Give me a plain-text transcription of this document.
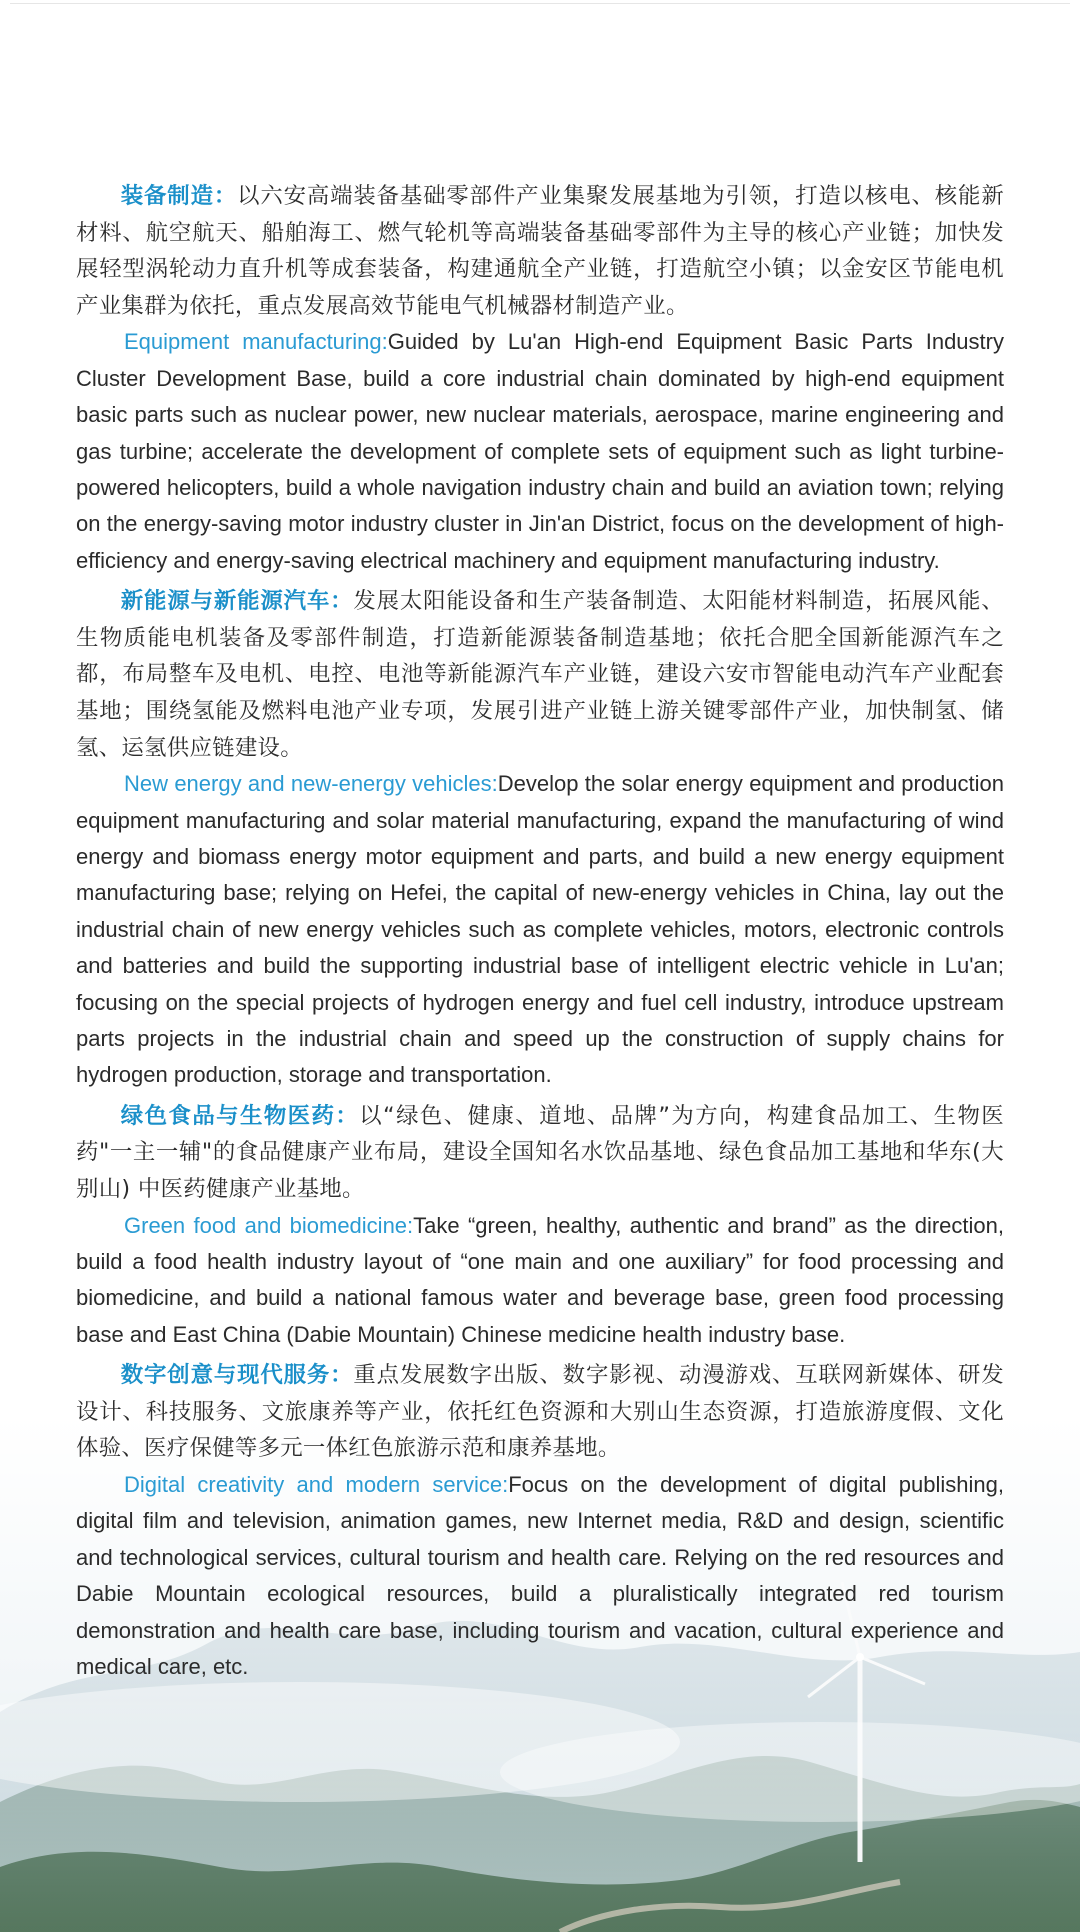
装备制造：以六安高端装备基础零部件产业集聚发展基地为引领，打造以核电、核能新材料、航空航天、船舶海工、燃气轮机等高端装备基础零部件为主导的核心产业链；加快发展轻型涡轮动力直升机等成套装备，构建通航全产业链，打造航空小镇；以金安区节能电机产业集群为依托，重点发展高效节能电气机械器材制造产业。

Equipment manufacturing:Guided by Lu'an High-end Equipment Basic Parts Industry Cluster Development Base, build a core industrial chain dominated by high-end equipment basic parts such as nuclear power, new nuclear materials, aerospace, marine engineering and gas turbine; accelerate the development of complete sets of equipment such as light turbine-powered helicopters, build a whole navigation industry chain and build an aviation town; relying on the energy-saving motor industry cluster in Jin'an District, focus on the development of high-efficiency and energy-saving electrical machinery and equipment manufacturing industry.

新能源与新能源汽车：发展太阳能设备和生产装备制造、太阳能材料制造，拓展风能、生物质能电机装备及零部件制造，打造新能源装备制造基地；依托合肥全国新能源汽车之都，布局整车及电机、电控、电池等新能源汽车产业链，建设六安市智能电动汽车产业配套基地；围绕氢能及燃料电池产业专项，发展引进产业链上游关键零部件产业，加快制氢、储氢、运氢供应链建设。

New energy and new-energy vehicles:Develop the solar energy equipment and production equipment manufacturing and solar material manufacturing, expand the manufacturing of wind energy and biomass energy motor equipment and parts, and build a new energy equipment manufacturing base; relying on Hefei, the capital of new-energy vehicles in China, lay out the industrial chain of new energy vehicles such as complete vehicles, motors, electronic controls and batteries and build the supporting industrial base of intelligent electric vehicle in Lu'an; focusing on the special projects of hydrogen energy and fuel cell industry, introduce upstream parts projects in the industrial chain and speed up the construction of supply chains for hydrogen production, storage and transportation.

绿色食品与生物医药：以“绿色、健康、道地、品牌”为方向，构建食品加工、生物医药"一主一辅"的食品健康产业布局，建设全国知名水饮品基地、绿色食品加工基地和华东(大别山) 中医药健康产业基地。

Green food and biomedicine:Take “green, healthy, authentic and brand” as the direction, build a food health industry layout of “one main and one auxiliary” for food processing and biomedicine, and build a national famous water and beverage base, green food processing base and East China (Dabie Mountain) Chinese medicine health industry base.

数字创意与现代服务：重点发展数字出版、数字影视、动漫游戏、互联网新媒体、研发设计、科技服务、文旅康养等产业，依托红色资源和大别山生态资源，打造旅游度假、文化体验、医疗保健等多元一体红色旅游示范和康养基地。

Digital creativity and modern service:Focus on the development of digital publishing, digital film and television, animation games, new Internet media, R&D and design, scientific and technological services, cultural tourism and health care. Relying on the red resources and Dabie Mountain ecological resources, build a pluralistically integrated red tourism demonstration and health care base, including tourism and vacation, cultural experience and medical care, etc.
